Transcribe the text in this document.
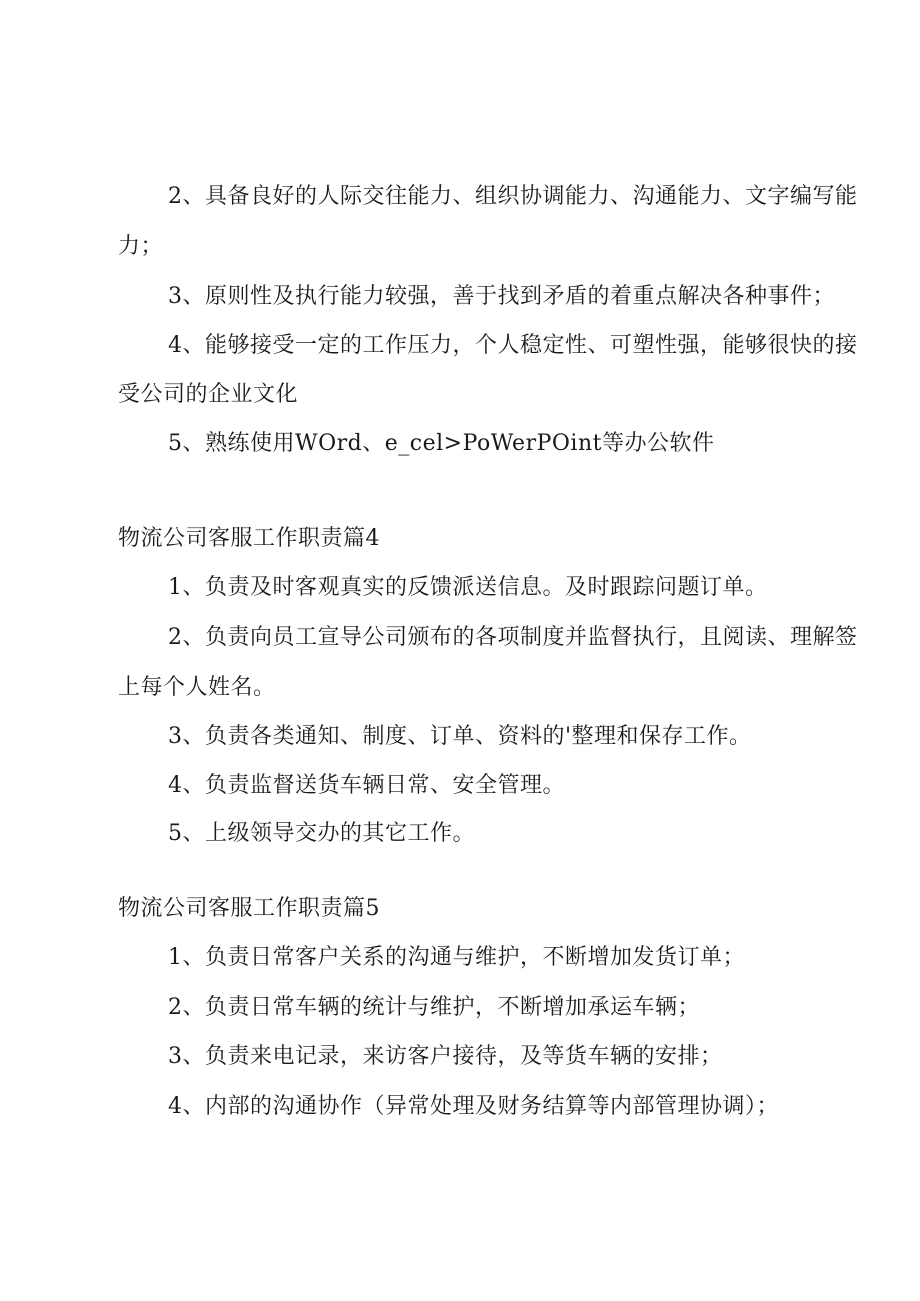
2、具备良好的人际交往能力、组织协调能力、沟通能力、文字编写能
力；
3、原则性及执行能力较强，善于找到矛盾的着重点解决各种事件；
4、能够接受一定的工作压力，个人稳定性、可塑性强，能够很快的接
受公司的企业文化
5、熟练使用WOrd、e_cel>PoWerPOint等办公软件
物流公司客服工作职责篇4
1、负责及时客观真实的反馈派送信息。及时跟踪问题订单。
2、负责向员工宣导公司颁布的各项制度并监督执行，且阅读、理解签
上每个人姓名。
3、负责各类通知、制度、订单、资料的'整理和保存工作。
4、负责监督送货车辆日常、安全管理。
5、上级领导交办的其它工作。
物流公司客服工作职责篇5
1、负责日常客户关系的沟通与维护，不断增加发货订单；
2、负责日常车辆的统计与维护，不断增加承运车辆；
3、负责来电记录，来访客户接待，及等货车辆的安排；
4、内部的沟通协作（异常处理及财务结算等内部管理协调）；
